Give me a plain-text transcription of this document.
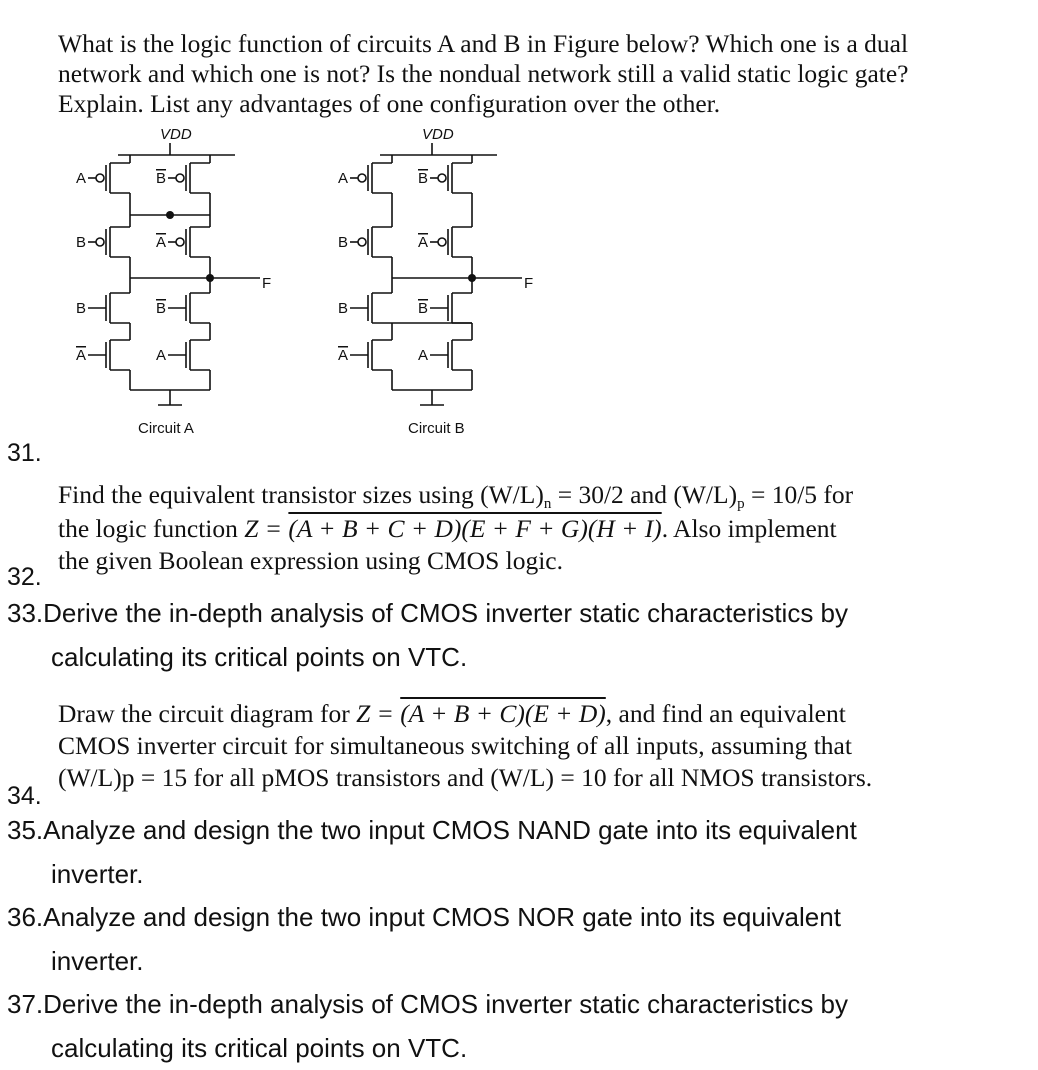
What is the logic function of circuits A and B in Figure below? Which one is a dual
network and which one is not? Is the nondual network still a valid static logic gate?
Explain. List any advantages of one configuration over the other.
VDD
F
A	B
B	A
B	B
A	A
Circuit A
VDD
F
A	B
B	A
B	B
A	A
Circuit B
31.
Find the equivalent transistor sizes using (W/L)n = 30/2 and (W/L)p = 10/5 for
the logic function Z = (A + B + C + D)(E + F + G)(H + I). Also implement
the given Boolean expression using CMOS logic.
32.
33.Derive the in-depth analysis of CMOS inverter static characteristics by
calculating its critical points on VTC.
Draw the circuit diagram for Z = (A + B + C)(E + D), and find an equivalent
CMOS inverter circuit for simultaneous switching of all inputs, assuming that
(W/L)p = 15 for all pMOS transistors and (W/L) = 10 for all NMOS transistors.
34.
35.Analyze and design the two input CMOS NAND gate into its equivalent
inverter.
36.Analyze and design the two input CMOS NOR gate into its equivalent
inverter.
37.Derive the in-depth analysis of CMOS inverter static characteristics by
calculating its critical points on VTC.
